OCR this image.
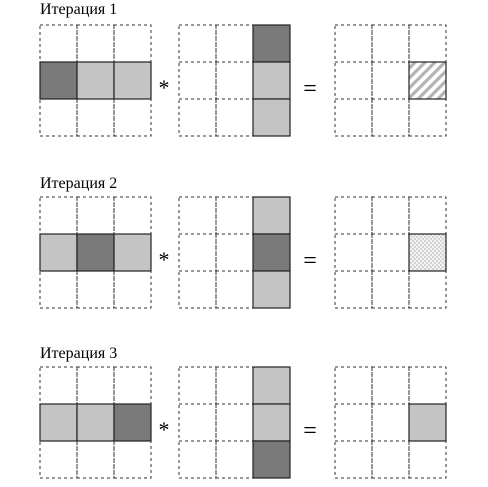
Итерация 1
*	=
Итерация 2
*	=
Итерация 3
*	=
